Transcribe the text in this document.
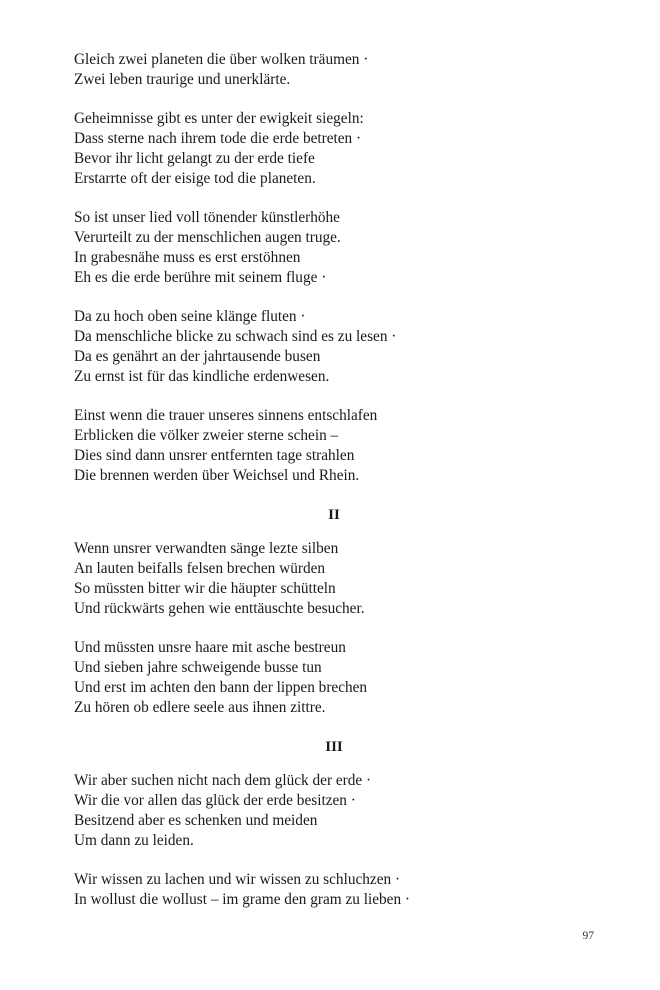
Gleich zwei planeten die über wolken träumen ·
Zwei leben traurige und unerklärte.
Geheimnisse gibt es unter der ewigkeit siegeln:
Dass sterne nach ihrem tode die erde betreten ·
Bevor ihr licht gelangt zu der erde tiefe
Erstarrte oft der eisige tod die planeten.
So ist unser lied voll tönender künstlerhöhe
Verurteilt zu der menschlichen augen truge.
In grabesnähe muss es erst erstöhnen
Eh es die erde berühre mit seinem fluge ·
Da zu hoch oben seine klänge fluten ·
Da menschliche blicke zu schwach sind es zu lesen ·
Da es genährt an der jahrtausende busen
Zu ernst ist für das kindliche erdenwesen.
Einst wenn die trauer unseres sinnens entschlafen
Erblicken die völker zweier sterne schein –
Dies sind dann unsrer entfernten tage strahlen
Die brennen werden über Weichsel und Rhein.
II
Wenn unsrer verwandten sänge lezte silben
An lauten beifalls felsen brechen würden
So müssten bitter wir die häupter schütteln
Und rückwärts gehen wie enttäuschte besucher.
Und müssten unsre haare mit asche bestreun
Und sieben jahre schweigende busse tun
Und erst im achten den bann der lippen brechen
Zu hören ob edlere seele aus ihnen zittre.
III
Wir aber suchen nicht nach dem glück der erde ·
Wir die vor allen das glück der erde besitzen ·
Besitzend aber es schenken und meiden
Um dann zu leiden.
Wir wissen zu lachen und wir wissen zu schluchzen ·
In wollust die wollust – im grame den gram zu lieben ·
97
